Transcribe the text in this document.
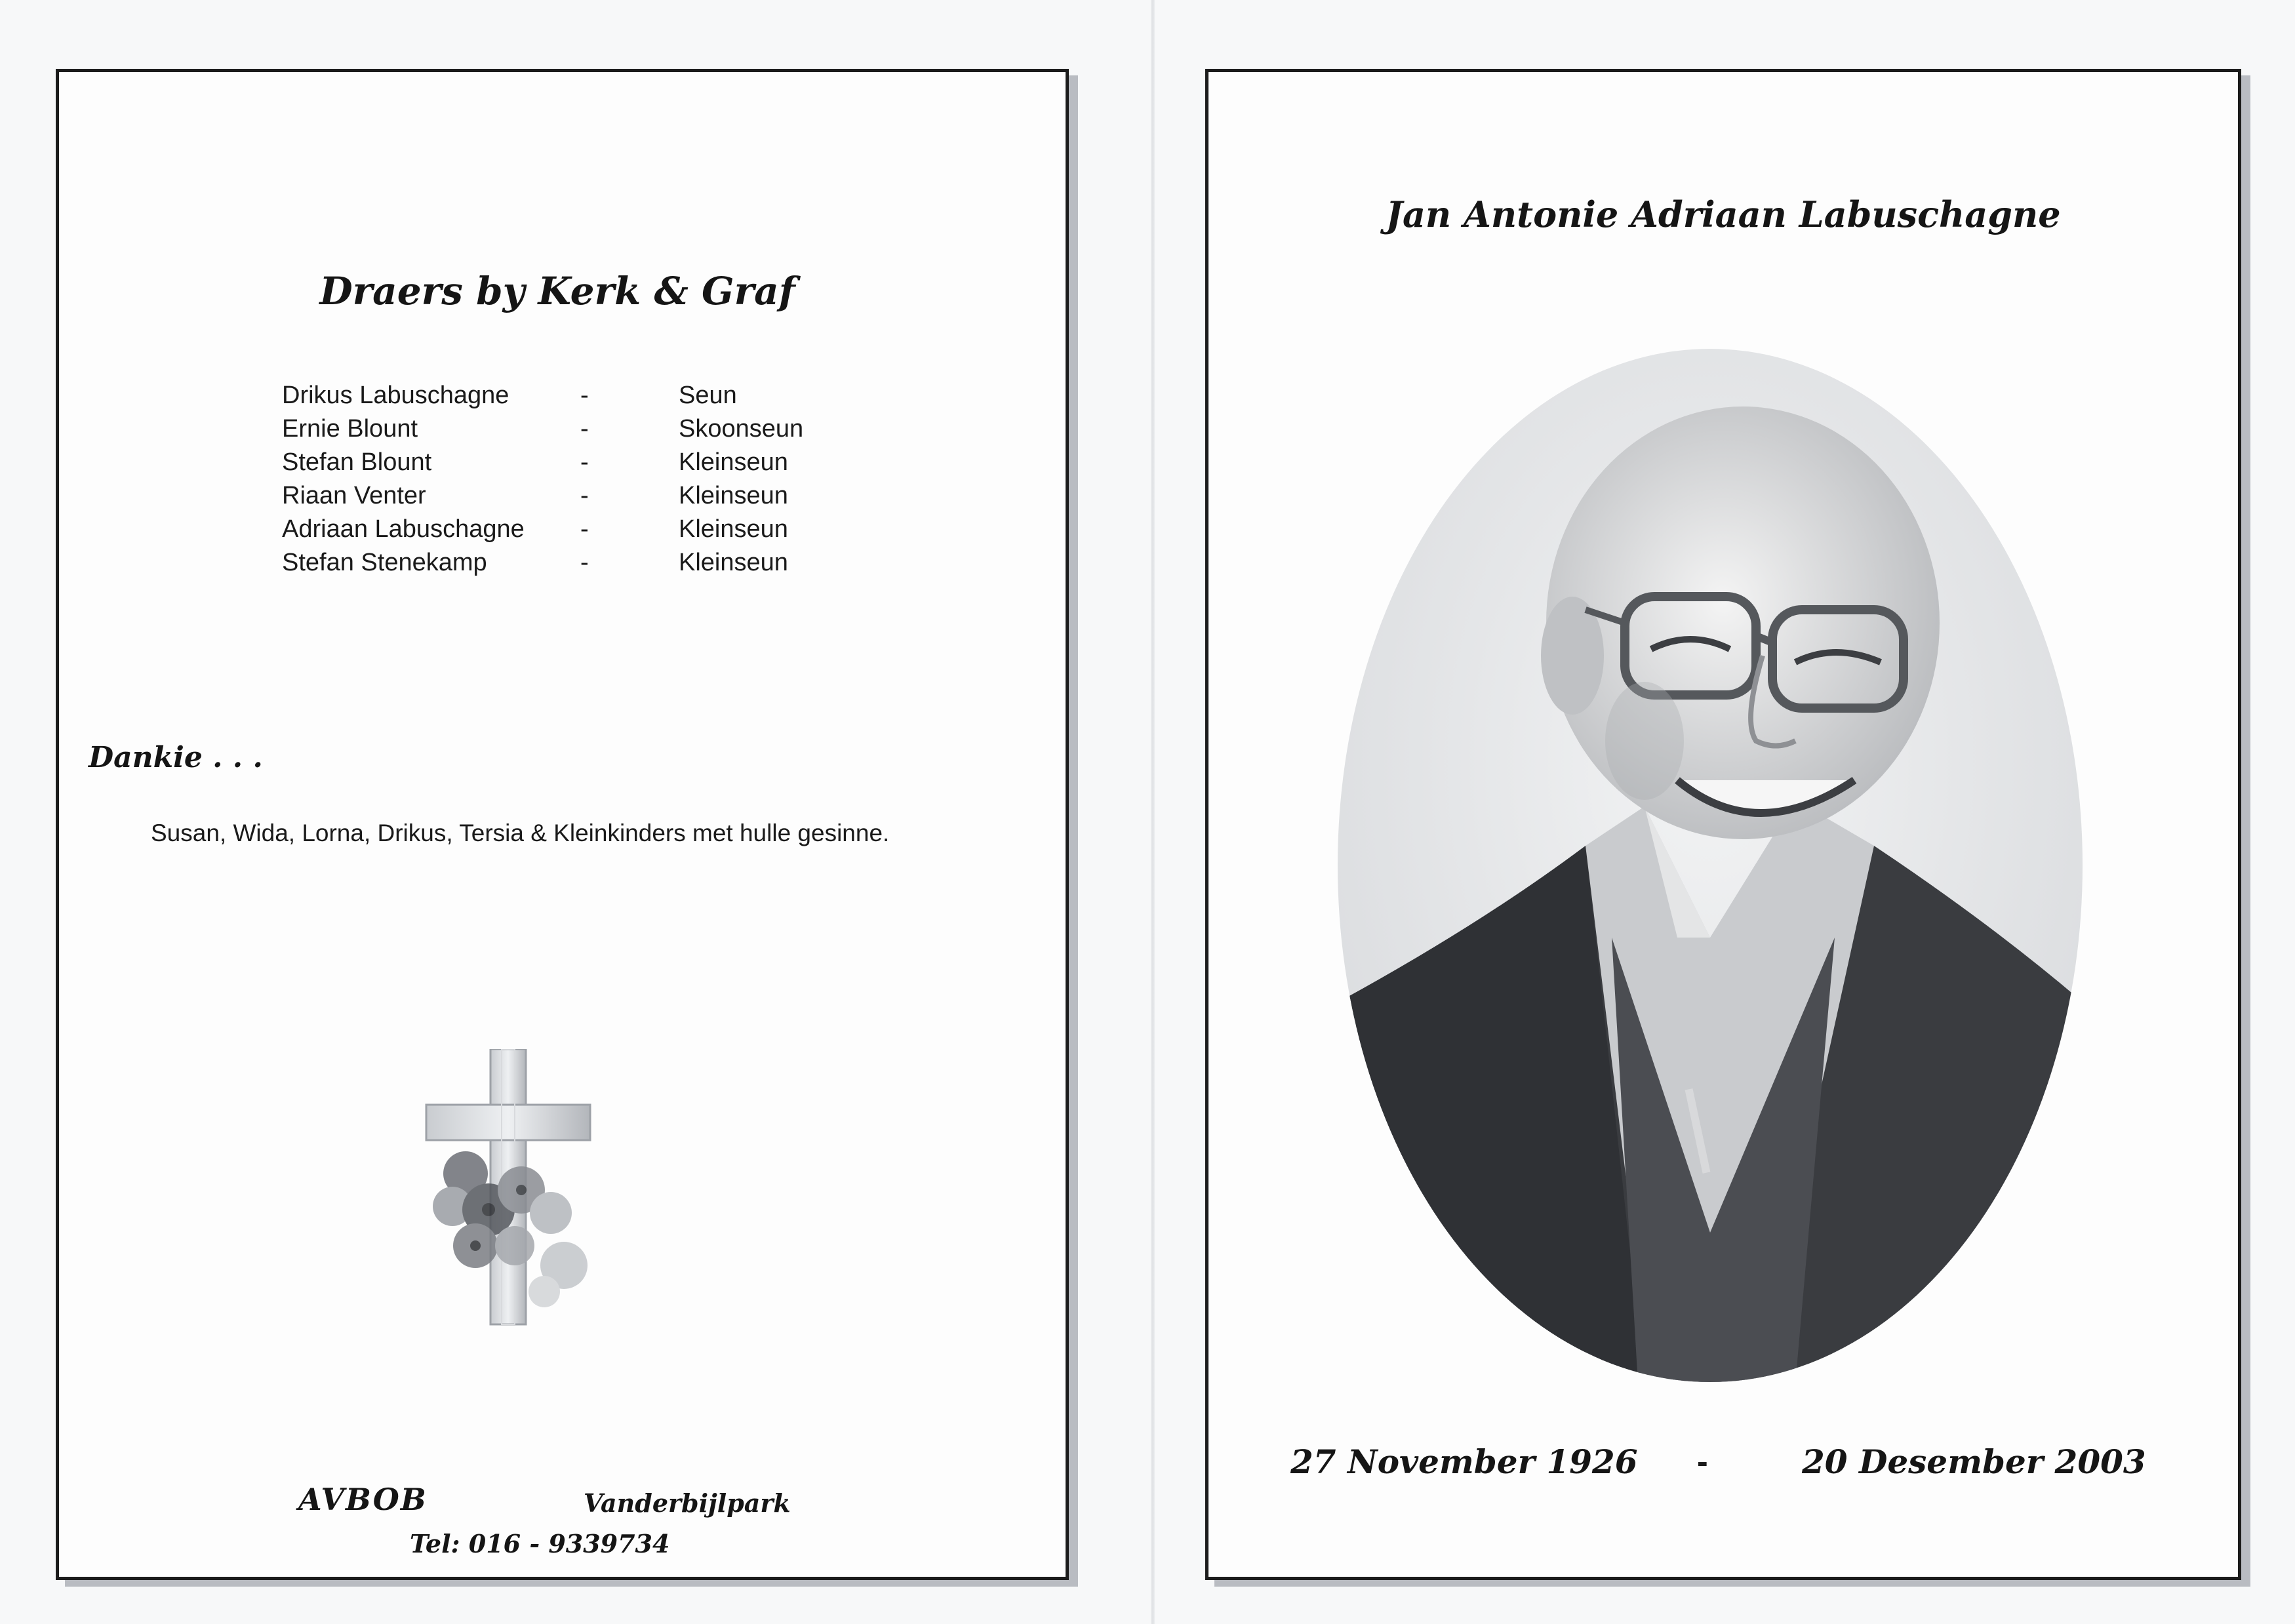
Draers by Kerk & Graf
Drikus Labuschagne	-	Seun
Ernie Blount	-	Skoonseun
Stefan Blount	-	Kleinseun
Riaan Venter	-	Kleinseun
Adriaan Labuschagne	-	Kleinseun
Stefan Stenekamp	-	Kleinseun
Dankie . . .
Susan, Wida, Lorna, Drikus, Tersia & Kleinkinders met hulle gesinne.
AVBOB	Vanderbijlpark
Tel: 016 - 9339734
Jan Antonie Adriaan Labuschagne
27 November 1926 -	20 Desember 2003
